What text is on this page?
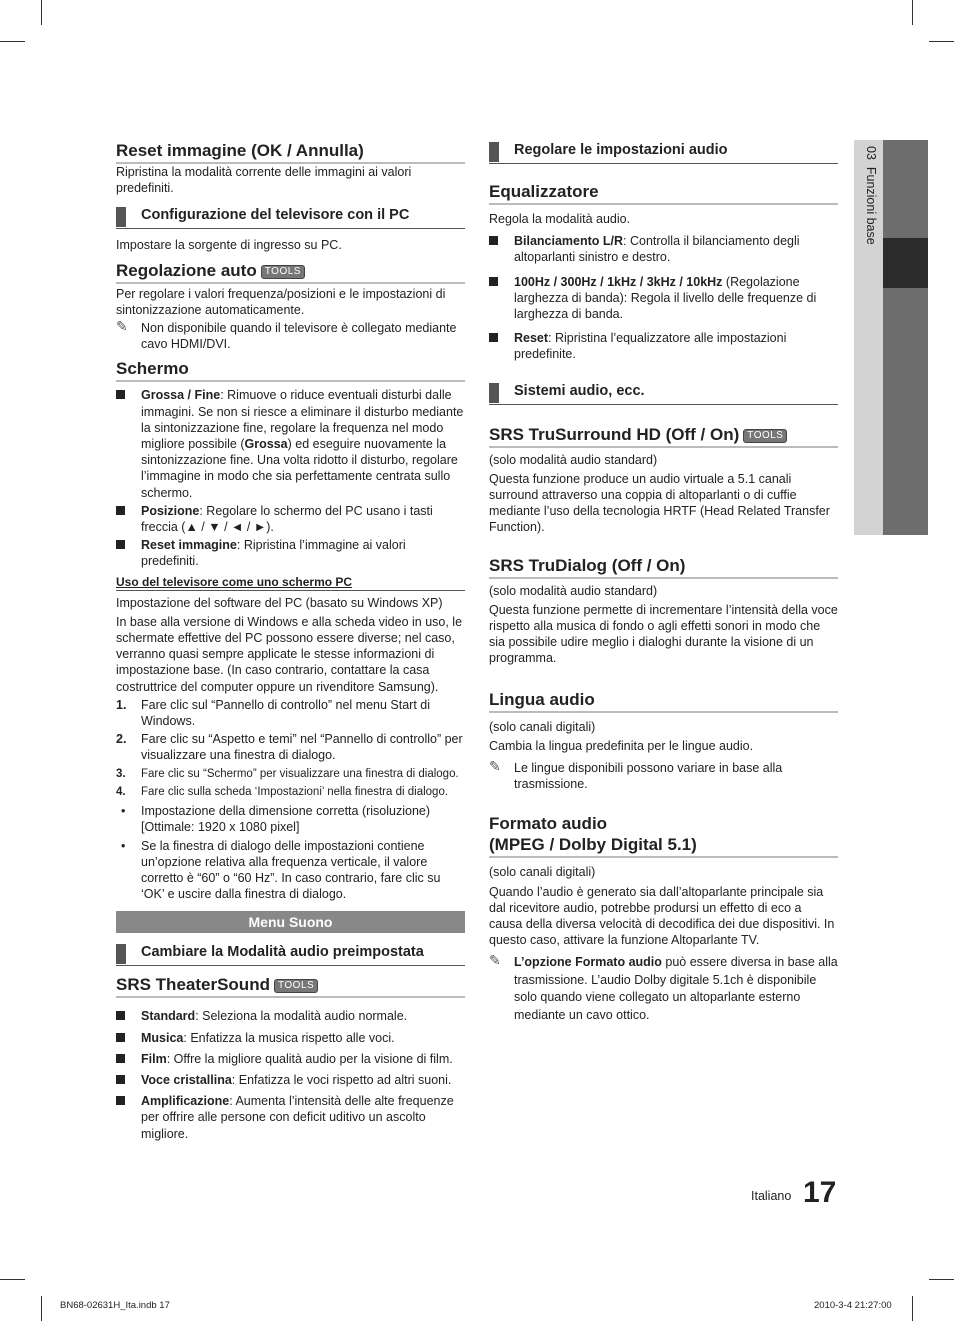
03  Funzioni base
Reset immagine (OK / Annulla)

Ripristina la modalità corrente delle immagini ai valori predefiniti.

Configurazione del televisore con il PC

Impostare la sorgente di ingresso su PC.

Regolazione auto TOOLS

Per regolare i valori frequenza/posizioni e le impostazioni di sintonizzazione automaticamente.

✎ Non disponibile quando il televisore è collegato mediante cavo HDMI/DVI.

Schermo
Grossa / Fine: Rimuove o riduce eventuali disturbi dalle immagini. Se non si riesce a eliminare il disturbo mediante la sintonizzazione fine, regolare la frequenza nel modo migliore possibile (Grossa) ed eseguire nuovamente la sintonizzazione fine. Una volta ridotto il disturbo, regolare l’immagine in modo che sia perfettamente centrata sullo schermo.
Posizione: Regolare lo schermo del PC usano i tasti freccia (▲ / ▼ / ◄ / ►).
Reset immagine: Ripristina l’immagine ai valori predefiniti.

Uso del televisore come uno schermo PC

Impostazione del software del PC (basato su Windows XP)

In base alla versione di Windows e alla scheda video in uso, le schermate effettive del PC possono essere diverse; nel caso, verranno quasi sempre applicate le stesse informazioni di impostazione base. (In caso contrario, contattare la casa costruttrice del computer oppure un rivenditore Samsung).

1. Fare clic sul “Pannello di controllo” nel menu Start di Windows.
2. Fare clic su “Aspetto e temi” nel “Pannello di controllo” per visualizzare una finestra di dialogo.
3. Fare clic su “Schermo” per visualizzare una finestra di dialogo.
4. Fare clic sulla scheda ‘Impostazioni’ nella finestra di dialogo.
• Impostazione della dimensione corretta (risoluzione) [Ottimale: 1920 x 1080 pixel]
• Se la finestra di dialogo delle impostazioni contiene un’opzione relativa alla frequenza verticale, il valore corretto è “60” o “60 Hz”. In caso contrario, fare clic su ‘OK’ e uscire dalla finestra di dialogo.
Menu Suono
Cambiare la Modalità audio preimpostata
SRS TheaterSound TOOLS
Standard: Seleziona la modalità audio normale.
Musica: Enfatizza la musica rispetto alle voci.
Film: Offre la migliore qualità audio per la visione di film.
Voce cristallina: Enfatizza le voci rispetto ad altri suoni.
Amplificazione: Aumenta l’intensità delle alte frequenze per offrire alle persone con deficit uditivo un ascolto migliore.
Regolare le impostazioni audio
Equalizzatore

Regola la modalità audio.

Bilanciamento L/R: Controlla il bilanciamento degli altoparlanti sinistro e destro.
100Hz / 300Hz / 1kHz / 3kHz / 10kHz (Regolazione larghezza di banda): Regola il livello delle frequenze di larghezza di banda.
Reset: Ripristina l’equalizzatore alle impostazioni predefinite.
Sistemi audio, ecc.
SRS TruSurround HD (Off / On) TOOLS

(solo modalità audio standard)

Questa funzione produce un audio virtuale a 5.1 canali surround attraverso una coppia di altoparlanti o di cuffie mediante l’uso della tecnologia HRTF (Head Related Transfer Function).

SRS TruDialog (Off / On)

(solo modalità audio standard)

Questa funzione permette di incrementare l’intensità della voce rispetto alla musica di fondo o agli effetti sonori in modo che sia possibile udire meglio i dialoghi durante la visione di un programma.

Lingua audio

(solo canali digitali)

Cambia la lingua predefinita per le lingue audio.

✎ Le lingue disponibili possono variare in base alla trasmissione.

Formato audio
(MPEG / Dolby Digital 5.1)

(solo canali digitali)

Quando l’audio è generato sia dall’altoparlante principale sia dal ricevitore audio, potrebbe prodursi un effetto di eco a causa della diversa velocità di decodifica dei due dispositivi. In questo caso, attivare la funzione Altoparlante TV.

✎ L’opzione Formato audio può essere diversa in base alla trasmissione. L’audio Dolby digitale 5.1ch è disponibile solo quando viene collegato un altoparlante esterno mediante un cavo ottico.

Italiano 17
BN68-02631H_Ita.indb 17	2010-3-4 21:27:00
